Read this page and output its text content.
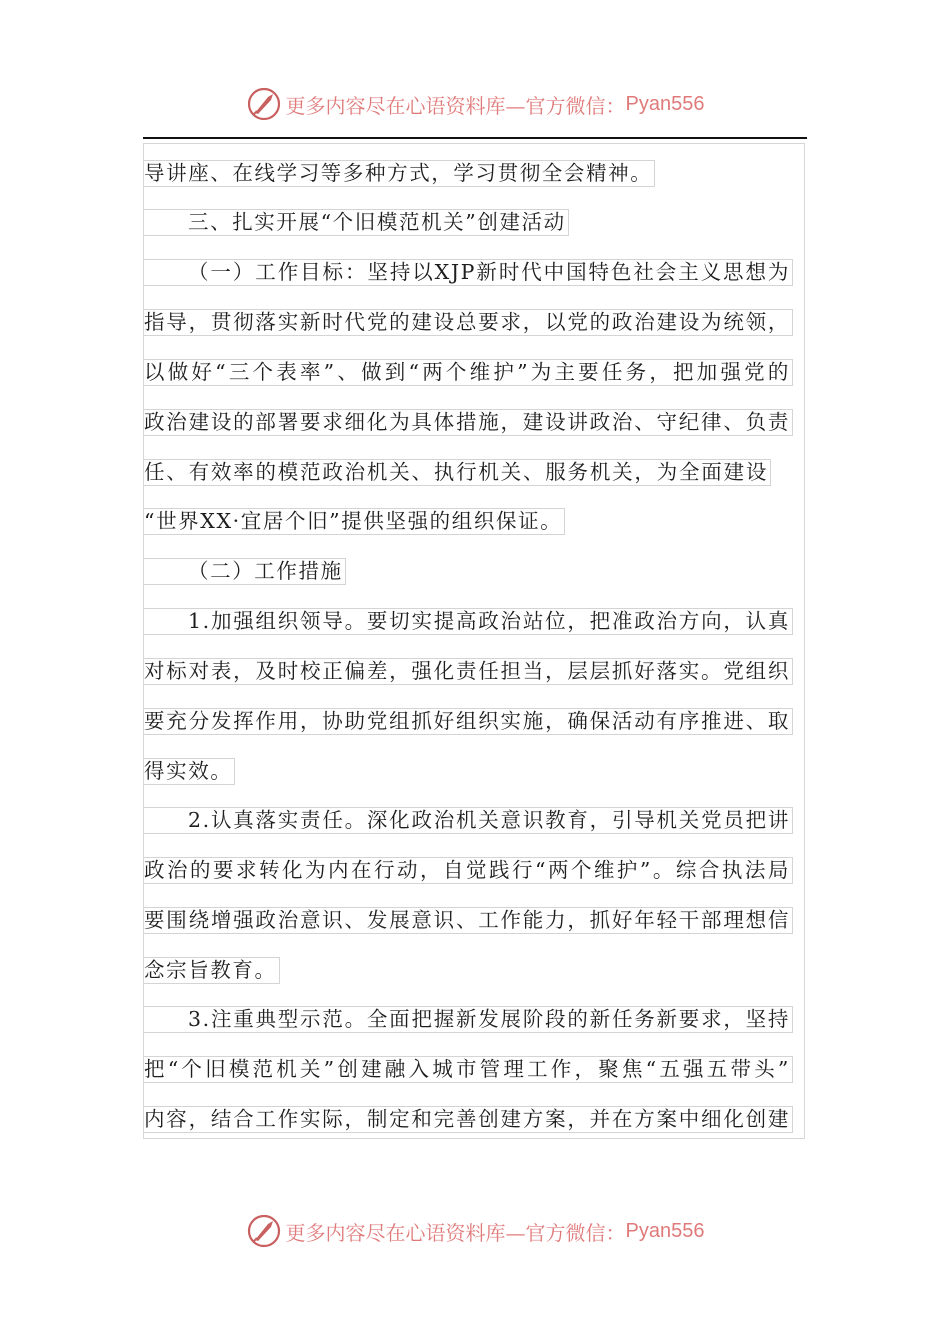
更多内容尽在心语资料库—官方微信： Pyan556
导讲座、在线学习等多种方式，学习贯彻全会精神。
三、扎实开展“个旧模范机关”创建活动
（一）工作目标：坚持以XJP新时代中国特色社会主义思想为
指导，贯彻落实新时代党的建设总要求，以党的政治建设为统领，
以做好“三个表率”、做到“两个维护”为主要任务，把加强党的
政治建设的部署要求细化为具体措施，建设讲政治、守纪律、负责
任、有效率的模范政治机关、执行机关、服务机关，为全面建设
“世界XX·宜居个旧”提供坚强的组织保证。
（二）工作措施
1.加强组织领导。要切实提高政治站位，把准政治方向，认真
对标对表，及时校正偏差，强化责任担当，层层抓好落实。党组织
要充分发挥作用，协助党组抓好组织实施，确保活动有序推进、取
得实效。
2.认真落实责任。深化政治机关意识教育，引导机关党员把讲
政治的要求转化为内在行动，自觉践行“两个维护”。综合执法局
要围绕增强政治意识、发展意识、工作能力，抓好年轻干部理想信
念宗旨教育。
3.注重典型示范。全面把握新发展阶段的新任务新要求，坚持
把“个旧模范机关”创建融入城市管理工作，聚焦“五强五带头”
内容，结合工作实际，制定和完善创建方案，并在方案中细化创建
更多内容尽在心语资料库—官方微信： Pyan556
